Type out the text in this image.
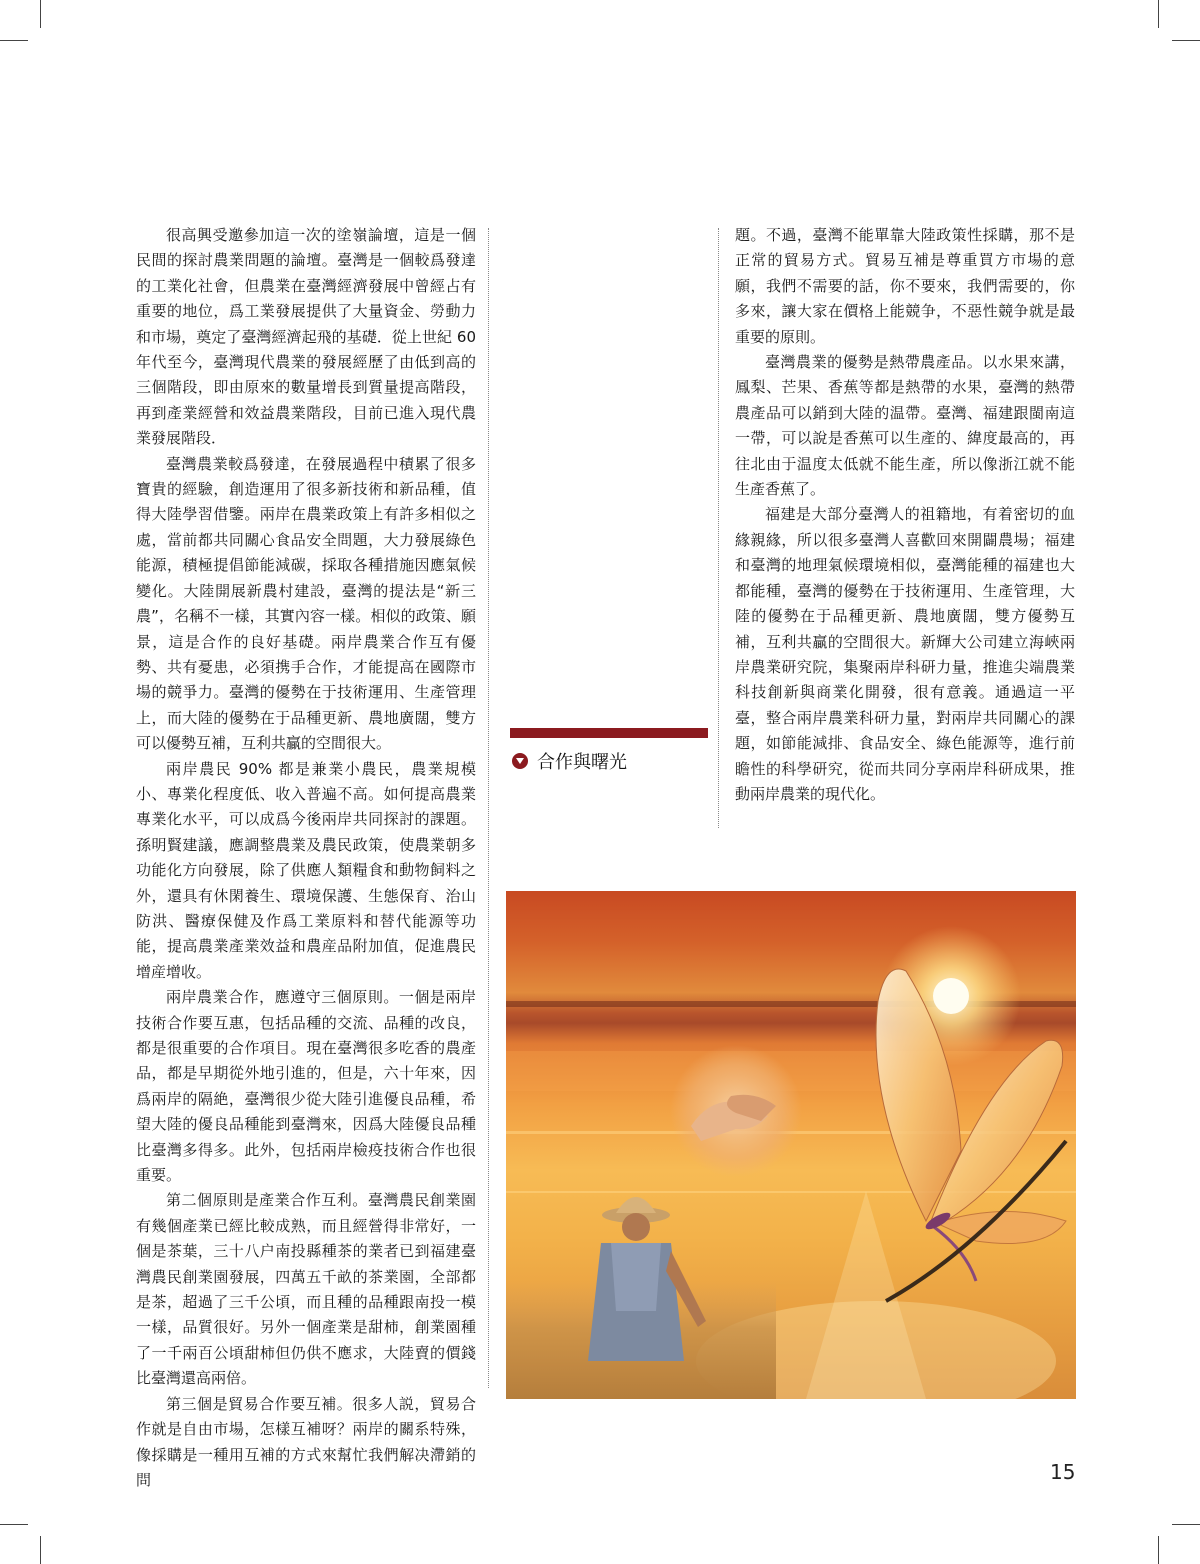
很高興受邀參加這一次的塗嶺論壇，這是一個民間的探討農業問題的論壇。臺灣是一個較爲發達的工業化社會，但農業在臺灣經濟發展中曾經占有重要的地位，爲工業發展提供了大量資金、勞動力和市場，奠定了臺灣經濟起飛的基礎．從上世紀 60 年代至今，臺灣現代農業的發展經歷了由低到高的三個階段，即由原來的數量增長到質量提高階段，再到產業經營和效益農業階段，目前已進入現代農業發展階段．

臺灣農業較爲發達，在發展過程中積累了很多寶貴的經驗，創造運用了很多新技術和新品種，值得大陸學習借鑒。兩岸在農業政策上有許多相似之處，當前都共同關心食品安全問題，大力發展綠色能源，積極提倡節能減碳，採取各種措施因應氣候變化。大陸開展新農村建設，臺灣的提法是“新三農”，名稱不一樣，其實內容一樣。相似的政策、願景，這是合作的良好基礎。兩岸農業合作互有優勢、共有憂患，必須携手合作，才能提高在國際市場的競爭力。臺灣的優勢在于技術運用、生產管理上，而大陸的優勢在于品種更新、農地廣闊，雙方可以優勢互補，互利共贏的空間很大。

兩岸農民 90% 都是兼業小農民，農業規模小、專業化程度低、收入普遍不高。如何提高農業專業化水平，可以成爲今後兩岸共同探討的課題。孫明賢建議，應調整農業及農民政策，使農業朝多功能化方向發展，除了供應人類糧食和動物飼料之外，還具有休閑養生、環境保護、生態保育、治山防洪、醫療保健及作爲工業原料和替代能源等功能，提高農業產業效益和農産品附加值，促進農民增産增收。

兩岸農業合作，應遵守三個原則。一個是兩岸技術合作要互惠，包括品種的交流、品種的改良，都是很重要的合作項目。現在臺灣很多吃香的農產品，都是早期從外地引進的，但是，六十年來，因爲兩岸的隔絶，臺灣很少從大陸引進優良品種，希望大陸的優良品種能到臺灣來，因爲大陸優良品種比臺灣多得多。此外，包括兩岸檢疫技術合作也很重要。

第二個原則是產業合作互利。臺灣農民創業園有幾個產業已經比較成熟，而且經營得非常好，一個是茶葉，三十八户南投縣種茶的業者已到福建臺灣農民創業園發展，四萬五千畝的茶業園，全部都是茶，超過了三千公頃，而且種的品種跟南投一模一樣，品質很好。另外一個產業是甜柿，創業園種了一千兩百公頃甜柿但仍供不應求，大陸賣的價錢比臺灣還高兩倍。

第三個是貿易合作要互補。很多人説，貿易合作就是自由市場，怎樣互補呀？兩岸的關系特殊，像採購是一種用互補的方式來幫忙我們解决滯銷的問

合作與曙光

題。不過，臺灣不能單靠大陸政策性採購，那不是正常的貿易方式。貿易互補是尊重買方市場的意願，我們不需要的話，你不要來，我們需要的，你多來，讓大家在價格上能競争，不惡性競争就是最重要的原則。

臺灣農業的優勢是熱帶農產品。以水果來講，鳳梨、芒果、香蕉等都是熱帶的水果，臺灣的熱帶農產品可以銷到大陸的温帶。臺灣、福建跟閩南這一帶，可以說是香蕉可以生產的、緯度最高的，再往北由于温度太低就不能生產，所以像浙江就不能生產香蕉了。

福建是大部分臺灣人的祖籍地，有着密切的血緣親緣，所以很多臺灣人喜歡回來開闢農場；福建和臺灣的地理氣候環境相似，臺灣能種的福建也大都能種，臺灣的優勢在于技術運用、生產管理，大陸的優勢在于品種更新、農地廣闊，雙方優勢互補，互利共贏的空間很大。新輝大公司建立海峽兩岸農業研究院，集聚兩岸科研力量，推進尖端農業科技創新與商業化開發，很有意義。通過這一平臺，整合兩岸農業科研力量，對兩岸共同關心的課題，如節能減排、食品安全、綠色能源等，進行前瞻性的科學研究，從而共同分享兩岸科研成果，推動兩岸農業的現代化。

15
